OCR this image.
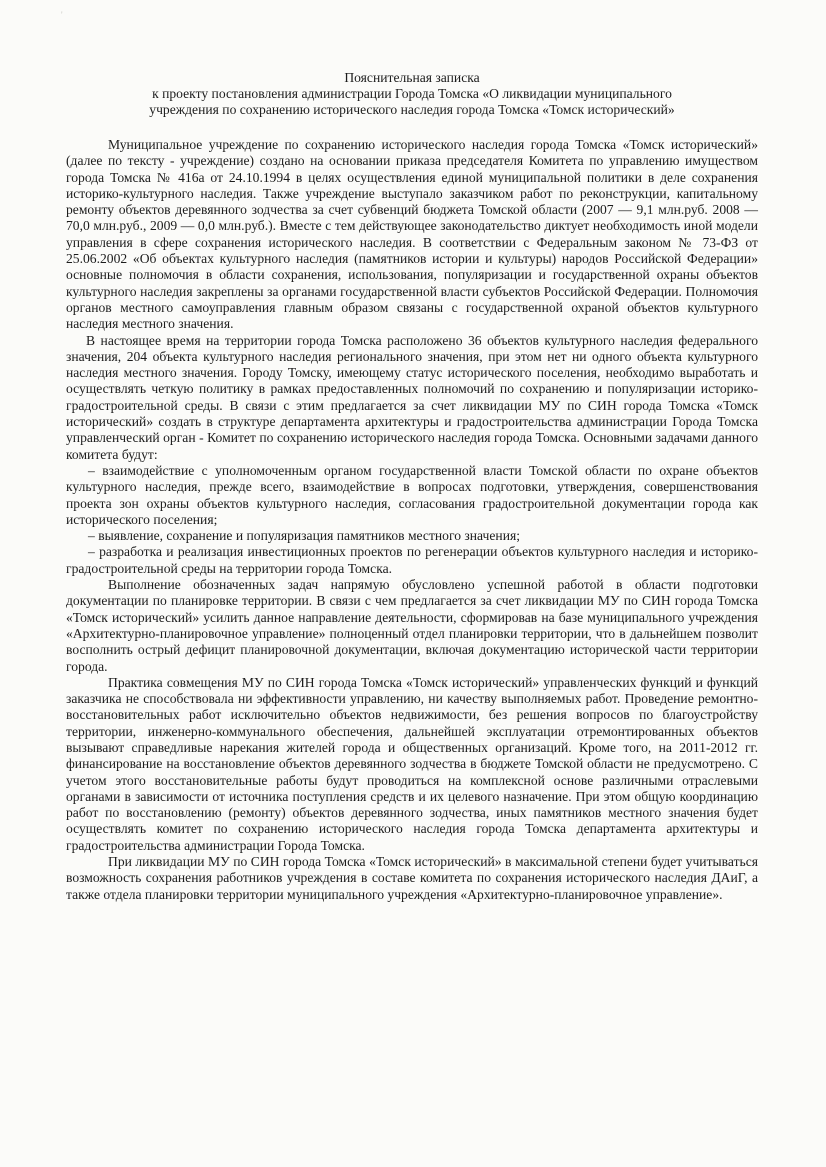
'
Пояснительная записка
к проекту постановления администрации Города Томска «О ликвидации муниципального
учреждения по сохранению исторического наследия города Томска «Томск исторический»

Муниципальное учреждение по сохранению исторического наследия города Томска «Томск исторический» (далее по тексту - учреждение) создано на основании приказа председателя Комитета по управлению имуществом города Томска № 416а от 24.10.1994 в целях осуществления единой муниципальной политики в деле сохранения историко-культурного наследия. Также учреждение выступало заказчиком работ по реконструкции, капитальному ремонту объектов деревянного зодчества за счет субвенций бюджета Томской области (2007 — 9,1 млн.руб. 2008 — 70,0 млн.руб., 2009 — 0,0 млн.руб.). Вместе с тем действующее законодательство диктует необходимость иной модели управления в сфере сохранения исторического наследия. В соответствии с Федеральным законом № 73-ФЗ от 25.06.2002 «Об объектах культурного наследия (памятников истории и культуры) народов Российской Федерации» основные полномочия в области сохранения, использования, популяризации и государственной охраны объектов культурного наследия закреплены за органами государственной власти субъектов Российской Федерации. Полномочия органов местного самоуправления главным образом связаны с государственной охраной объектов культурного наследия местного значения.

В настоящее время на территории города Томска расположено 36 объектов культурного наследия федерального значения, 204 объекта культурного наследия регионального значения, при этом нет ни одного объекта культурного наследия местного значения. Городу Томску, имеющему статус исторического поселения, необходимо выработать и осуществлять четкую политику в рамках предоставленных полномочий по сохранению и популяризации историко-градостроительной среды. В связи с этим предлагается за счет ликвидации МУ по СИН города Томска «Томск исторический» создать в структуре департамента архитектуры и градостроительства администрации Города Томска управленческий орган - Комитет по сохранению исторического наследия города Томска. Основными задачами данного комитета будут:

– взаимодействие с уполномоченным органом государственной власти Томской области по охране объектов культурного наследия, прежде всего, взаимодействие в вопросах подготовки, утверждения, совершенствования проекта зон охраны объектов культурного наследия, согласования градостроительной документации города как исторического поселения;

– выявление, сохранение и популяризация памятников местного значения;

– разработка и реализация инвестиционных проектов по регенерации объектов культурного наследия и историко-градостроительной среды на территории города Томска.

Выполнение обозначенных задач напрямую обусловлено успешной работой в области подготовки документации по планировке территории. В связи с чем предлагается за счет ликвидации МУ по СИН города Томска «Томск исторический» усилить данное направление деятельности, сформировав на базе муниципального учреждения «Архитектурно-планировочное управление» полноценный отдел планировки территории, что в дальнейшем позволит восполнить острый дефицит планировочной документации, включая документацию исторической части территории города.

Практика совмещения МУ по СИН города Томска «Томск исторический» управленческих функций и функций заказчика не способствовала ни эффективности управлению, ни качеству выполняемых работ. Проведение ремонтно-восстановительных работ исключительно объектов недвижимости, без решения вопросов по благоустройству территории, инженерно-коммунального обеспечения, дальнейшей эксплуатации отремонтированных объектов вызывают справедливые нарекания жителей города и общественных организаций. Кроме того, на 2011-2012 гг. финансирование на восстановление объектов деревянного зодчества в бюджете Томской области не предусмотрено. С учетом этого восстановительные работы будут проводиться на комплексной основе различными отраслевыми органами в зависимости от источника поступления средств и их целевого назначение. При этом общую координацию работ по восстановлению (ремонту) объектов деревянного зодчества, иных памятников местного значения будет осуществлять комитет по сохранению исторического наследия города Томска департамента архитектуры и градостроительства администрации Города Томска.

При ликвидации МУ по СИН города Томска «Томск исторический» в максимальной степени будет учитываться возможность сохранения работников учреждения в составе комитета по сохранения исторического наследия ДАиГ, а также отдела планировки территории муниципального учреждения «Архитектурно-планировочное управление».
